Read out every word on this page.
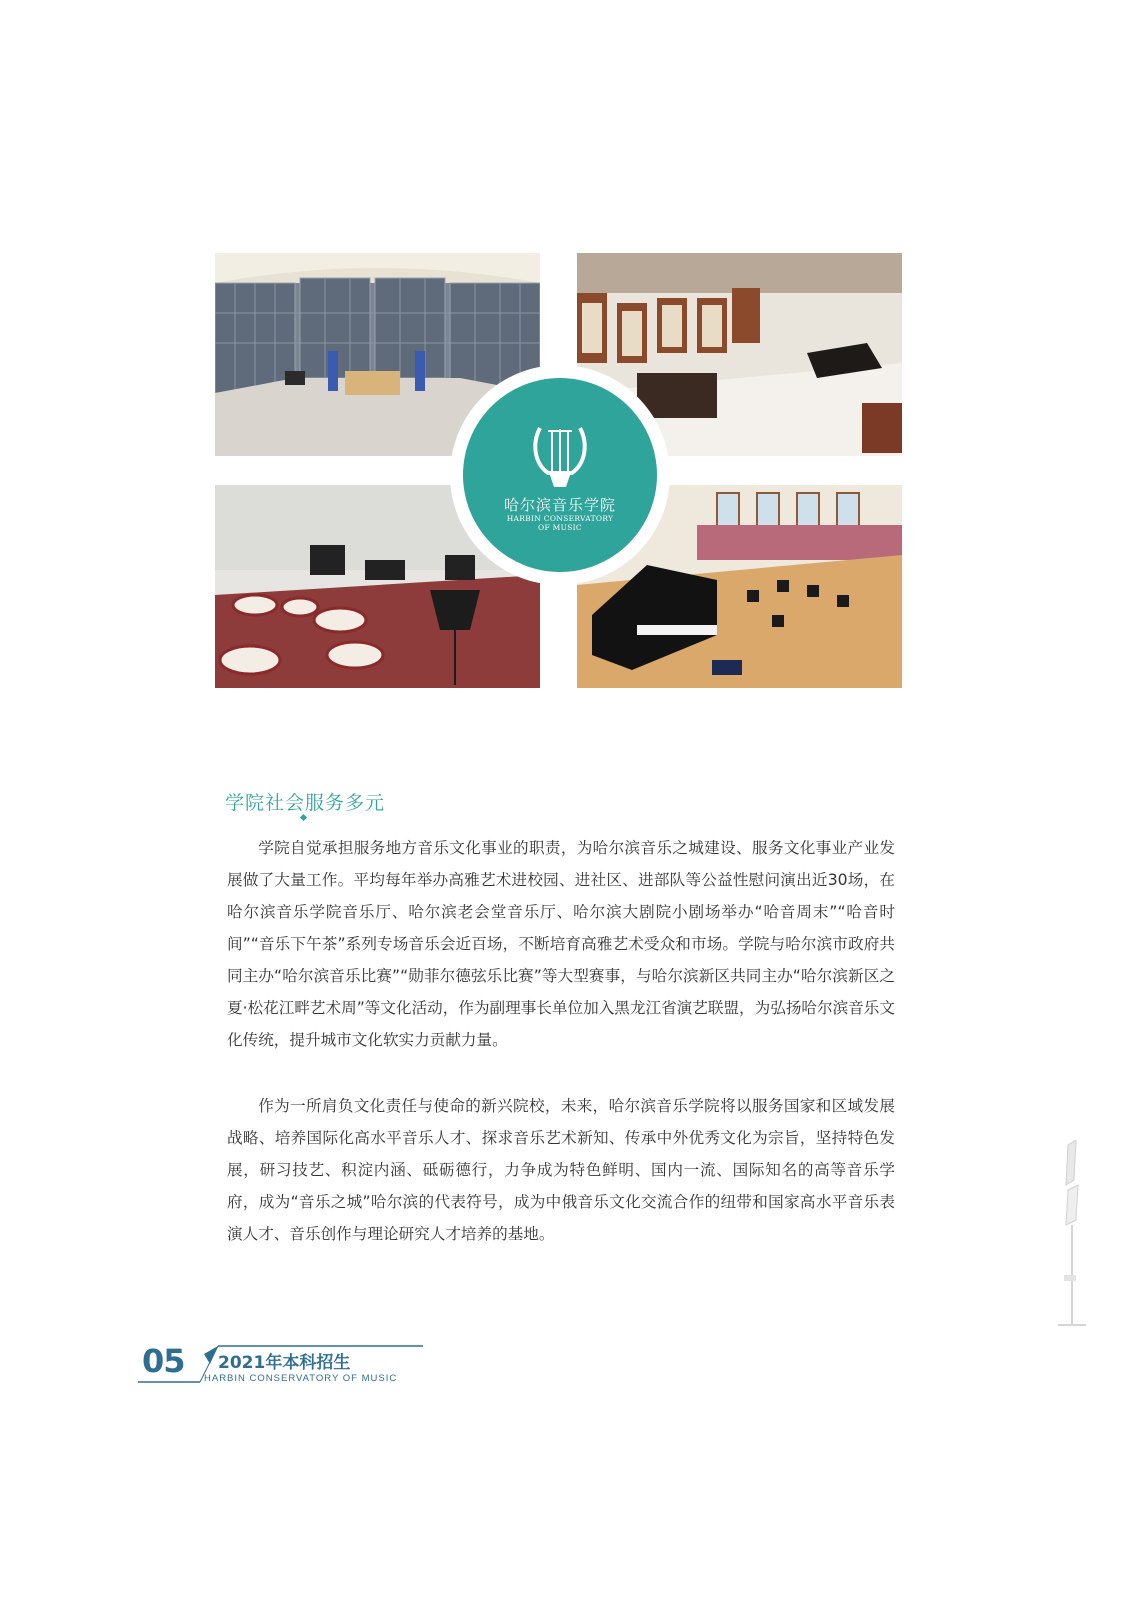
哈尔滨音乐学院
HARBIN CONSERVATORY
OF MUSIC
学院社会服务多元

学院自觉承担服务地方音乐文化事业的职责，为哈尔滨音乐之城建设、服务文化事业产业发展做了大量工作。平均每年举办高雅艺术进校园、进社区、进部队等公益性慰问演出近30场，在哈尔滨音乐学院音乐厅、哈尔滨老会堂音乐厅、哈尔滨大剧院小剧场举办“哈音周末”“哈音时间”“音乐下午茶”系列专场音乐会近百场，不断培育高雅艺术受众和市场。学院与哈尔滨市政府共同主办“哈尔滨音乐比赛”“勋菲尔德弦乐比赛”等大型赛事，与哈尔滨新区共同主办“哈尔滨新区之夏·松花江畔艺术周”等文化活动，作为副理事长单位加入黑龙江省演艺联盟，为弘扬哈尔滨音乐文化传统，提升城市文化软实力贡献力量。

作为一所肩负文化责任与使命的新兴院校，未来，哈尔滨音乐学院将以服务国家和区域发展战略、培养国际化高水平音乐人才、探求音乐艺术新知、传承中外优秀文化为宗旨，坚持特色发展，研习技艺、积淀内涵、砥砺德行，力争成为特色鲜明、国内一流、国际知名的高等音乐学府，成为“音乐之城”哈尔滨的代表符号，成为中俄音乐文化交流合作的纽带和国家高水平音乐表演人才、音乐创作与理论研究人才培养的基地。

05 2021年本科招生
HARBIN CONSERVATORY OF MUSIC
